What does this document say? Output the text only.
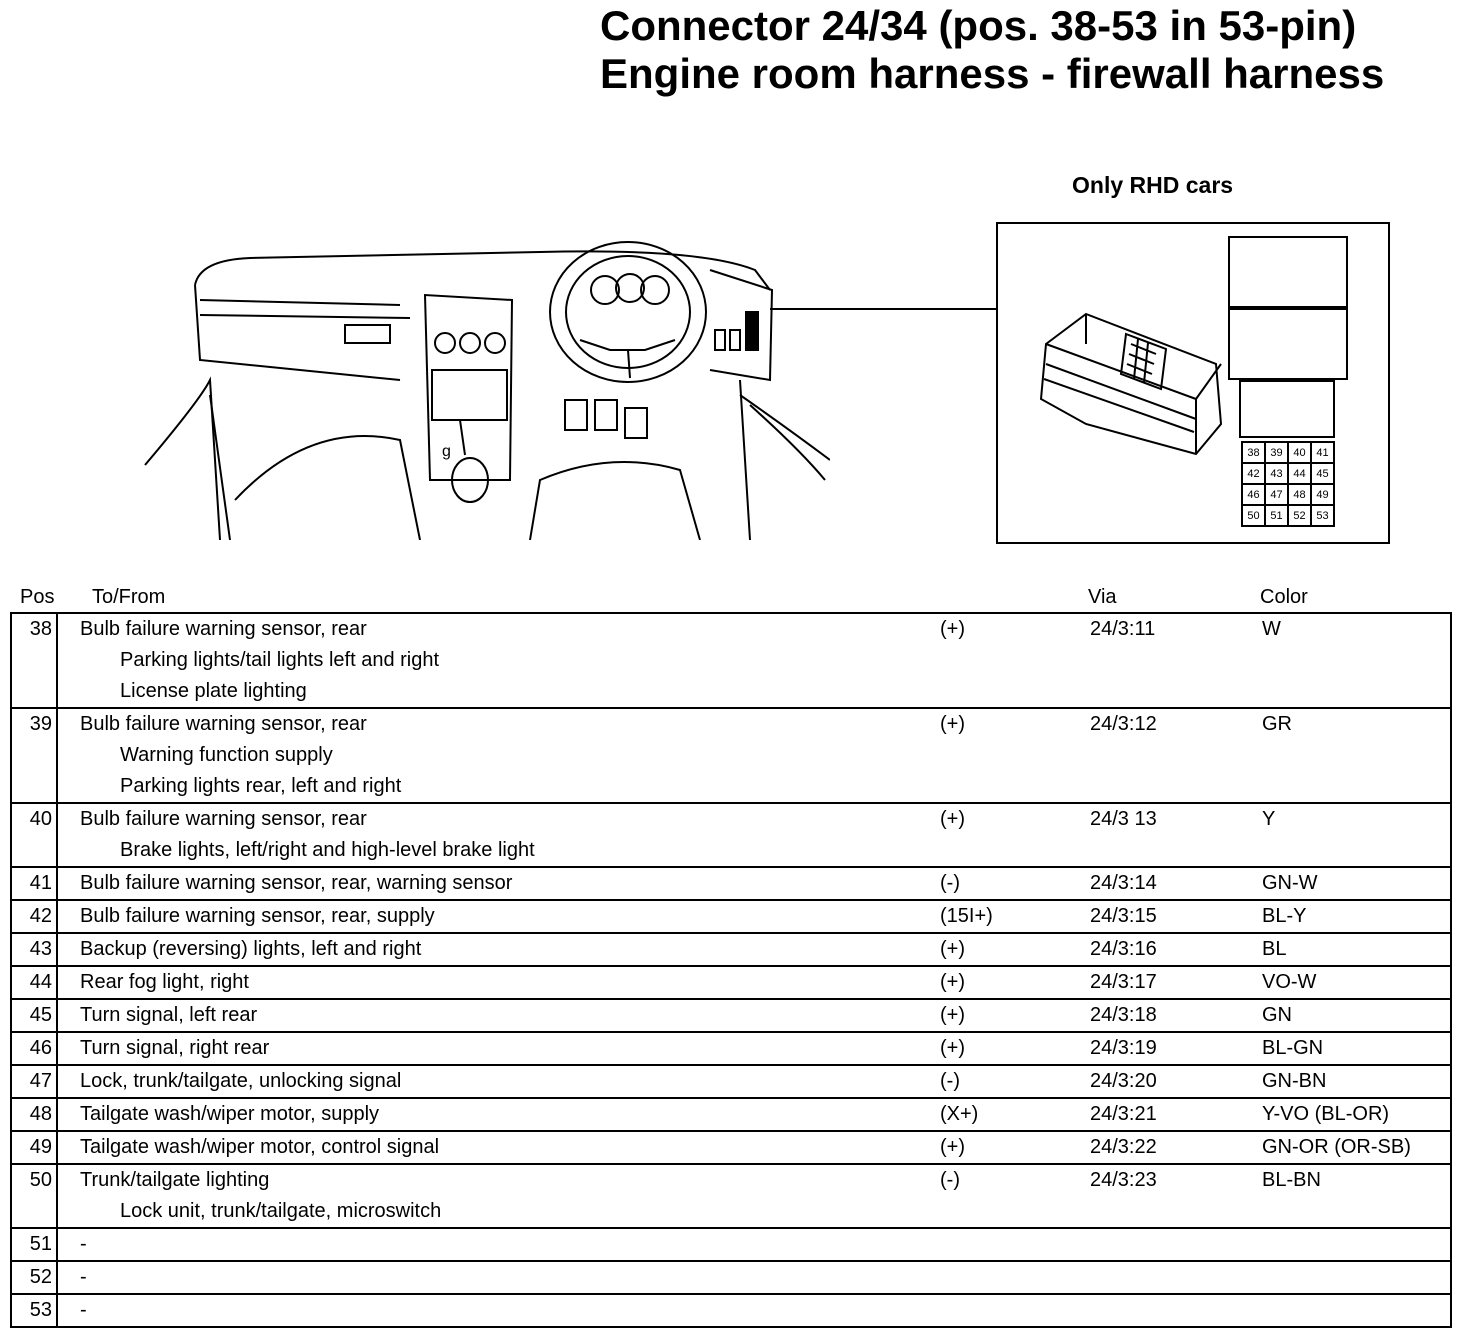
Connector 24/34 (pos. 38-53 in 53-pin)
Engine room harness - firewall harness
g
Only RHD cars
38 39 40 41
42 43 44 45
46 47 48 49
50 51 52 53
Pos To/From	Via	Color
38	Bulb failure warning sensor, rear	(+)	24/3:11	W

	Parking lights/tail lights left and right			

	License plate lighting			

39	Bulb failure warning sensor, rear	(+)	24/3:12	GR

	Warning function supply			

	Parking lights rear, left and right			

40	Bulb failure warning sensor, rear	(+)	24/3 13	Y

	Brake lights, left/right and high-level brake light			

41	Bulb failure warning sensor, rear, warning sensor	(-)	24/3:14	GN-W
42	Bulb failure warning sensor, rear, supply	(15I+)	24/3:15	BL-Y
43	Backup (reversing) lights, left and right	(+)	24/3:16	BL
44	Rear fog light, right	(+)	24/3:17	VO-W
45	Turn signal, left rear	(+)	24/3:18	GN
46	Turn signal, right rear	(+)	24/3:19	BL-GN
47	Lock, trunk/tailgate, unlocking signal	(-)	24/3:20	GN-BN
48	Tailgate wash/wiper motor, supply	(X+)	24/3:21	Y-VO (BL-OR)
49	Tailgate wash/wiper motor, control signal	(+)	24/3:22	GN-OR (OR-SB)
50	Trunk/tailgate lighting	(-)	24/3:23	BL-BN

	Lock unit, trunk/tailgate, microswitch			

51	-			
52	-			
53	-			
